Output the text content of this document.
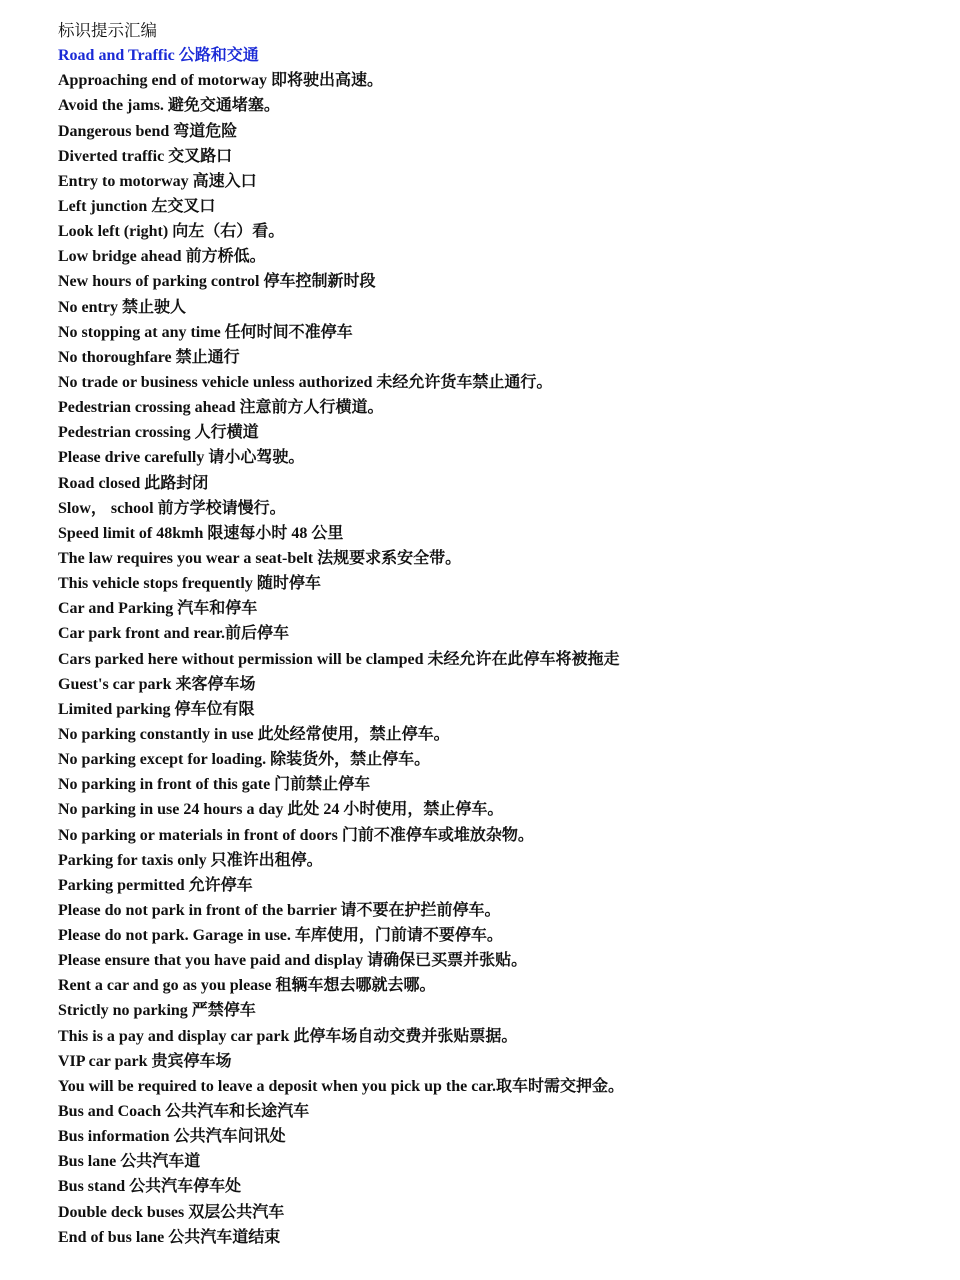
标识提示汇编
Road and Traffic 公路和交通
Approaching end of motorway 即将驶出高速。
Avoid the jams. 避免交通堵塞。
Dangerous bend 弯道危险
Diverted traffic 交叉路口
Entry to motorway 高速入口
Left junction 左交叉口
Look left (right) 向左（右）看。
Low bridge ahead 前方桥低。
New hours of parking control 停车控制新时段
No entry 禁止驶人
No stopping at any time 任何时间不准停车
No thoroughfare 禁止通行
No trade or business vehicle unless authorized 未经允许货车禁止通行。
Pedestrian crossing ahead 注意前方人行横道。
Pedestrian crossing 人行横道
Please drive carefully 请小心驾驶。
Road closed 此路封闭
Slow， school 前方学校请慢行。
Speed limit of 48kmh 限速每小时 48 公里
The law requires you wear a seat-belt 法规要求系安全带。
This vehicle stops frequently 随时停车
Car and Parking 汽车和停车
Car park front and rear.前后停车
Cars parked here without permission will be clamped 未经允许在此停车将被拖走
Guest's car park 来客停车场
Limited parking 停车位有限
No parking constantly in use 此处经常使用，禁止停车。
No parking except for loading. 除装货外，禁止停车。
No parking in front of this gate 门前禁止停车
No parking in use 24 hours a day 此处 24 小时使用，禁止停车。
No parking or materials in front of doors 门前不准停车或堆放杂物。
Parking for taxis only 只准许出租停。
Parking permitted 允许停车
Please do not park in front of the barrier 请不要在护拦前停车。
Please do not park. Garage in use. 车库使用，门前请不要停车。
Please ensure that you have paid and display 请确保已买票并张贴。
Rent a car and go as you please 租辆车想去哪就去哪。
Strictly no parking 严禁停车
This is a pay and display car park 此停车场自动交费并张贴票据。
VIP car park 贵宾停车场
You will be required to leave a deposit when you pick up the car.取车时需交押金。
Bus and Coach 公共汽车和长途汽车
Bus information 公共汽车问讯处
Bus lane 公共汽车道
Bus stand 公共汽车停车处
Double deck buses 双层公共汽车
End of bus lane 公共汽车道结束
